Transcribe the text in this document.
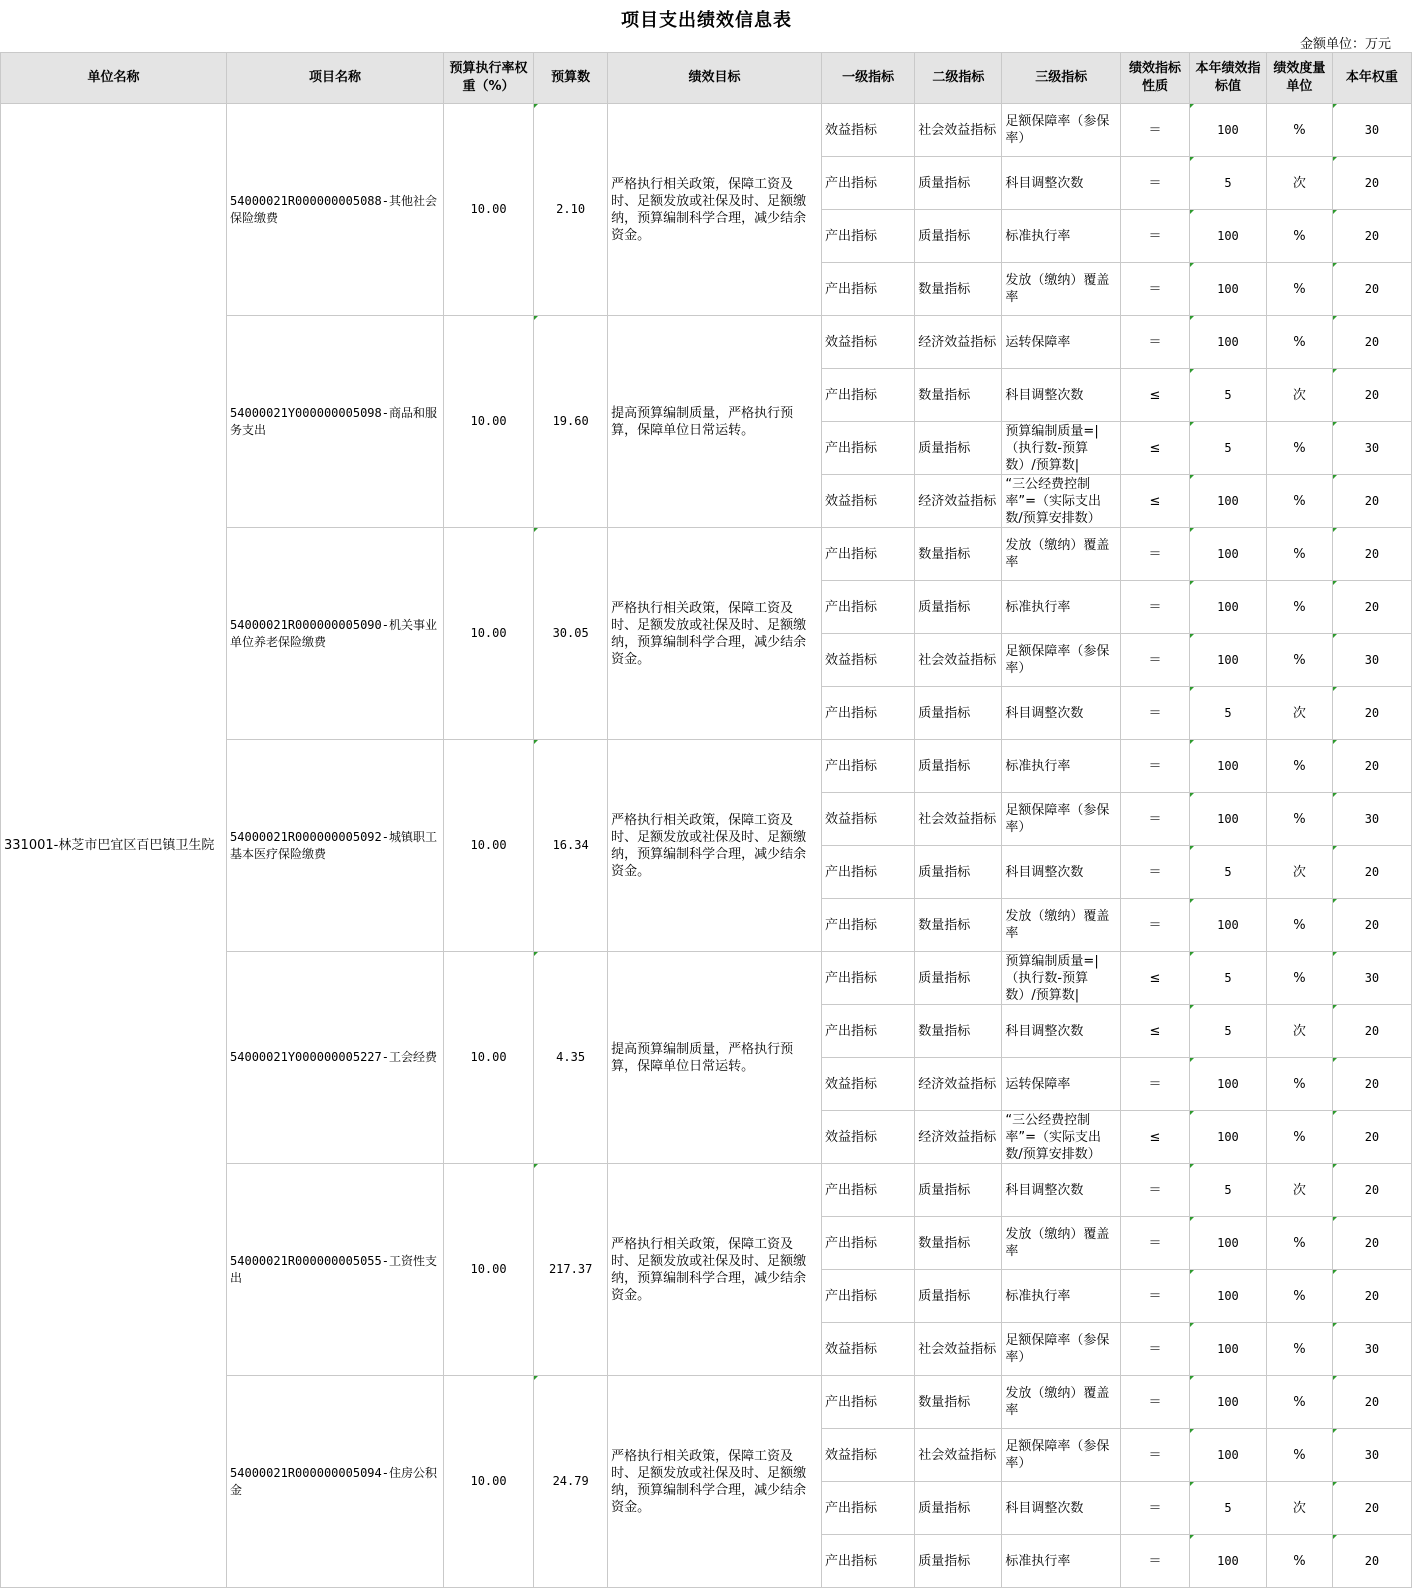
项目支出绩效信息表
金额单位：万元
单位名称	项目名称	预算执行率权重（%）	预算数	绩效目标	一级指标	二级指标	三级指标	绩效指标性质	本年绩效指标值	绩效度量单位	本年权重
331001-林芝市巴宜区百巴镇卫生院	54000021R000000005088-其他社会保险缴费	10.00	2.10	严格执行相关政策，保障工资及时、足额发放或社保及时、足额缴纳，预算编制科学合理，减少结余资金。	效益指标	社会效益指标	足额保障率（参保率）	＝	100	%	30
					产出指标	质量指标	科目调整次数	＝	5	次	20
					产出指标	质量指标	标准执行率	＝	100	%	20
					产出指标	数量指标	发放（缴纳）覆盖率	＝	100	%	20
	54000021Y000000005098-商品和服务支出	10.00	19.60	提高预算编制质量，严格执行预算，保障单位日常运转。	效益指标	经济效益指标	运转保障率	＝	100	%	20
					产出指标	数量指标	科目调整次数	≤	5	次	20
					产出指标	质量指标	预算编制质量=|（执行数-预算数）/预算数|	≤	5	%	30
					效益指标	经济效益指标	“三公经费控制率”=（实际支出数/预算安排数）	≤	100	%	20
	54000021R000000005090-机关事业单位养老保险缴费	10.00	30.05	严格执行相关政策，保障工资及时、足额发放或社保及时、足额缴纳，预算编制科学合理，减少结余资金。	产出指标	数量指标	发放（缴纳）覆盖率	＝	100	%	20
					产出指标	质量指标	标准执行率	＝	100	%	20
					效益指标	社会效益指标	足额保障率（参保率）	＝	100	%	30
					产出指标	质量指标	科目调整次数	＝	5	次	20
	54000021R000000005092-城镇职工基本医疗保险缴费	10.00	16.34	严格执行相关政策，保障工资及时、足额发放或社保及时、足额缴纳，预算编制科学合理，减少结余资金。	产出指标	质量指标	标准执行率	＝	100	%	20
					效益指标	社会效益指标	足额保障率（参保率）	＝	100	%	30
					产出指标	质量指标	科目调整次数	＝	5	次	20
					产出指标	数量指标	发放（缴纳）覆盖率	＝	100	%	20
	54000021Y000000005227-工会经费	10.00	4.35	提高预算编制质量，严格执行预算，保障单位日常运转。	产出指标	质量指标	预算编制质量=|（执行数-预算数）/预算数|	≤	5	%	30
					产出指标	数量指标	科目调整次数	≤	5	次	20
					效益指标	经济效益指标	运转保障率	＝	100	%	20
					效益指标	经济效益指标	“三公经费控制率”=（实际支出数/预算安排数）	≤	100	%	20
	54000021R000000005055-工资性支出	10.00	217.37	严格执行相关政策，保障工资及时、足额发放或社保及时、足额缴纳，预算编制科学合理，减少结余资金。	产出指标	质量指标	科目调整次数	＝	5	次	20
					产出指标	数量指标	发放（缴纳）覆盖率	＝	100	%	20
					产出指标	质量指标	标准执行率	＝	100	%	20
					效益指标	社会效益指标	足额保障率（参保率）	＝	100	%	30
	54000021R000000005094-住房公积金	10.00	24.79	严格执行相关政策，保障工资及时、足额发放或社保及时、足额缴纳，预算编制科学合理，减少结余资金。	产出指标	数量指标	发放（缴纳）覆盖率	＝	100	%	20
					效益指标	社会效益指标	足额保障率（参保率）	＝	100	%	30
					产出指标	质量指标	科目调整次数	＝	5	次	20
					产出指标	质量指标	标准执行率	＝	100	%	20
